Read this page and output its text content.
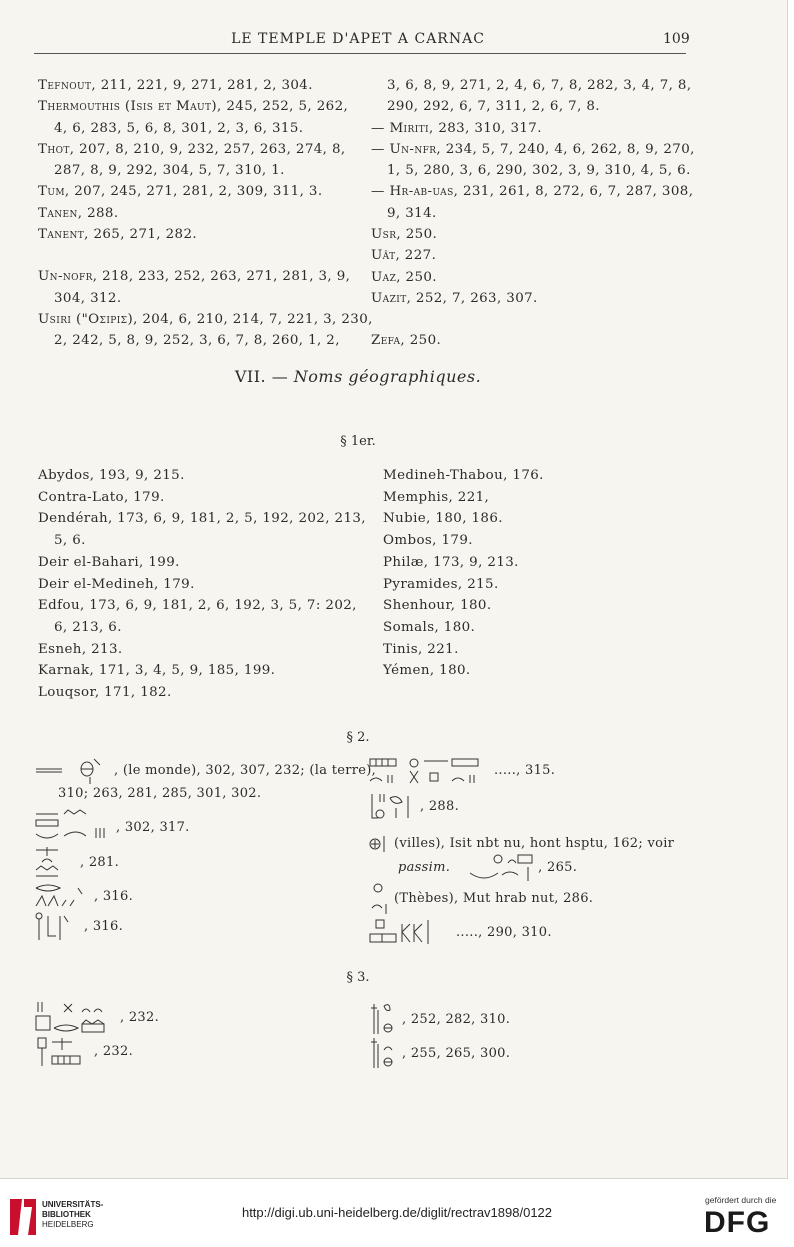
LE TEMPLE D'APET A CARNAC	109
Tefnout, 211, 221, 9, 271, 281, 2, 304.
Thermouthis (Isis et Maut), 245, 252, 5, 262,
4, 6, 283, 5, 6, 8, 301, 2, 3, 6, 315.
Thot, 207, 8, 210, 9, 232, 257, 263, 274, 8,
287, 8, 9, 292, 304, 5, 7, 310, 1.
Tum, 207, 245, 271, 281, 2, 309, 311, 3.
Tanen, 288.
Tanent, 265, 271, 282.
Un-nofr, 218, 233, 252, 263, 271, 281, 3, 9,
304, 312.
Usiri ("Οσιρις), 204, 6, 210, 214, 7, 221, 3, 230,
2, 242, 5, 8, 9, 252, 3, 6, 7, 8, 260, 1, 2,
3, 6, 8, 9, 271, 2, 4, 6, 7, 8, 282, 3, 4, 7, 8,
290, 292, 6, 7, 311, 2, 6, 7, 8.
— Miriti, 283, 310, 317.
— Un-nfr, 234, 5, 7, 240, 4, 6, 262, 8, 9, 270,
1, 5, 280, 3, 6, 290, 302, 3, 9, 310, 4, 5, 6.
— Hr-ab-uas, 231, 261, 8, 272, 6, 7, 287, 308,
9, 314.
Usr, 250.
Uât, 227.
Uaz, 250.
Uazit, 252, 7, 263, 307.
Zefa, 250.
VII. — Noms géographiques.
§ 1er.
Abydos, 193, 9, 215.
Contra-Lato, 179.
Dendérah, 173, 6, 9, 181, 2, 5, 192, 202, 213,
5, 6.
Deir el-Bahari, 199.
Deir el-Medineh, 179.
Edfou, 173, 6, 9, 181, 2, 6, 192, 3, 5, 7: 202,
6, 213, 6.
Esneh, 213.
Karnak, 171, 3, 4, 5, 9, 185, 199.
Louqsor, 171, 182.
Medineh-Thabou, 176.
Memphis, 221,
Nubie, 180, 186.
Ombos, 179.
Philæ, 173, 9, 213.
Pyramides, 215.
Shenhour, 180.
Somals, 180.
Tinis, 221.
Yémen, 180.
§ 2.
, (le monde), 302, 307, 232; (la terre),
310; 263, 281, 285, 301, 302.
, 302, 317.
, 281.
, 316.
, 316.
....., 315.
, 288.
(villes), Isit nbt nu, hont hsptu, 162; voir
passim.	, 265.
(Thèbes), Mut hrab nut, 286.
....., 290, 310.
§ 3.
, 232.
, 232.
, 252, 282, 310.
, 255, 265, 300.
UNIVERSITÄTS-
BIBLIOTHEK
HEIDELBERG
http://digi.ub.uni-heidelberg.de/diglit/rectrav1898/0122
gefördert durch die
DFG
